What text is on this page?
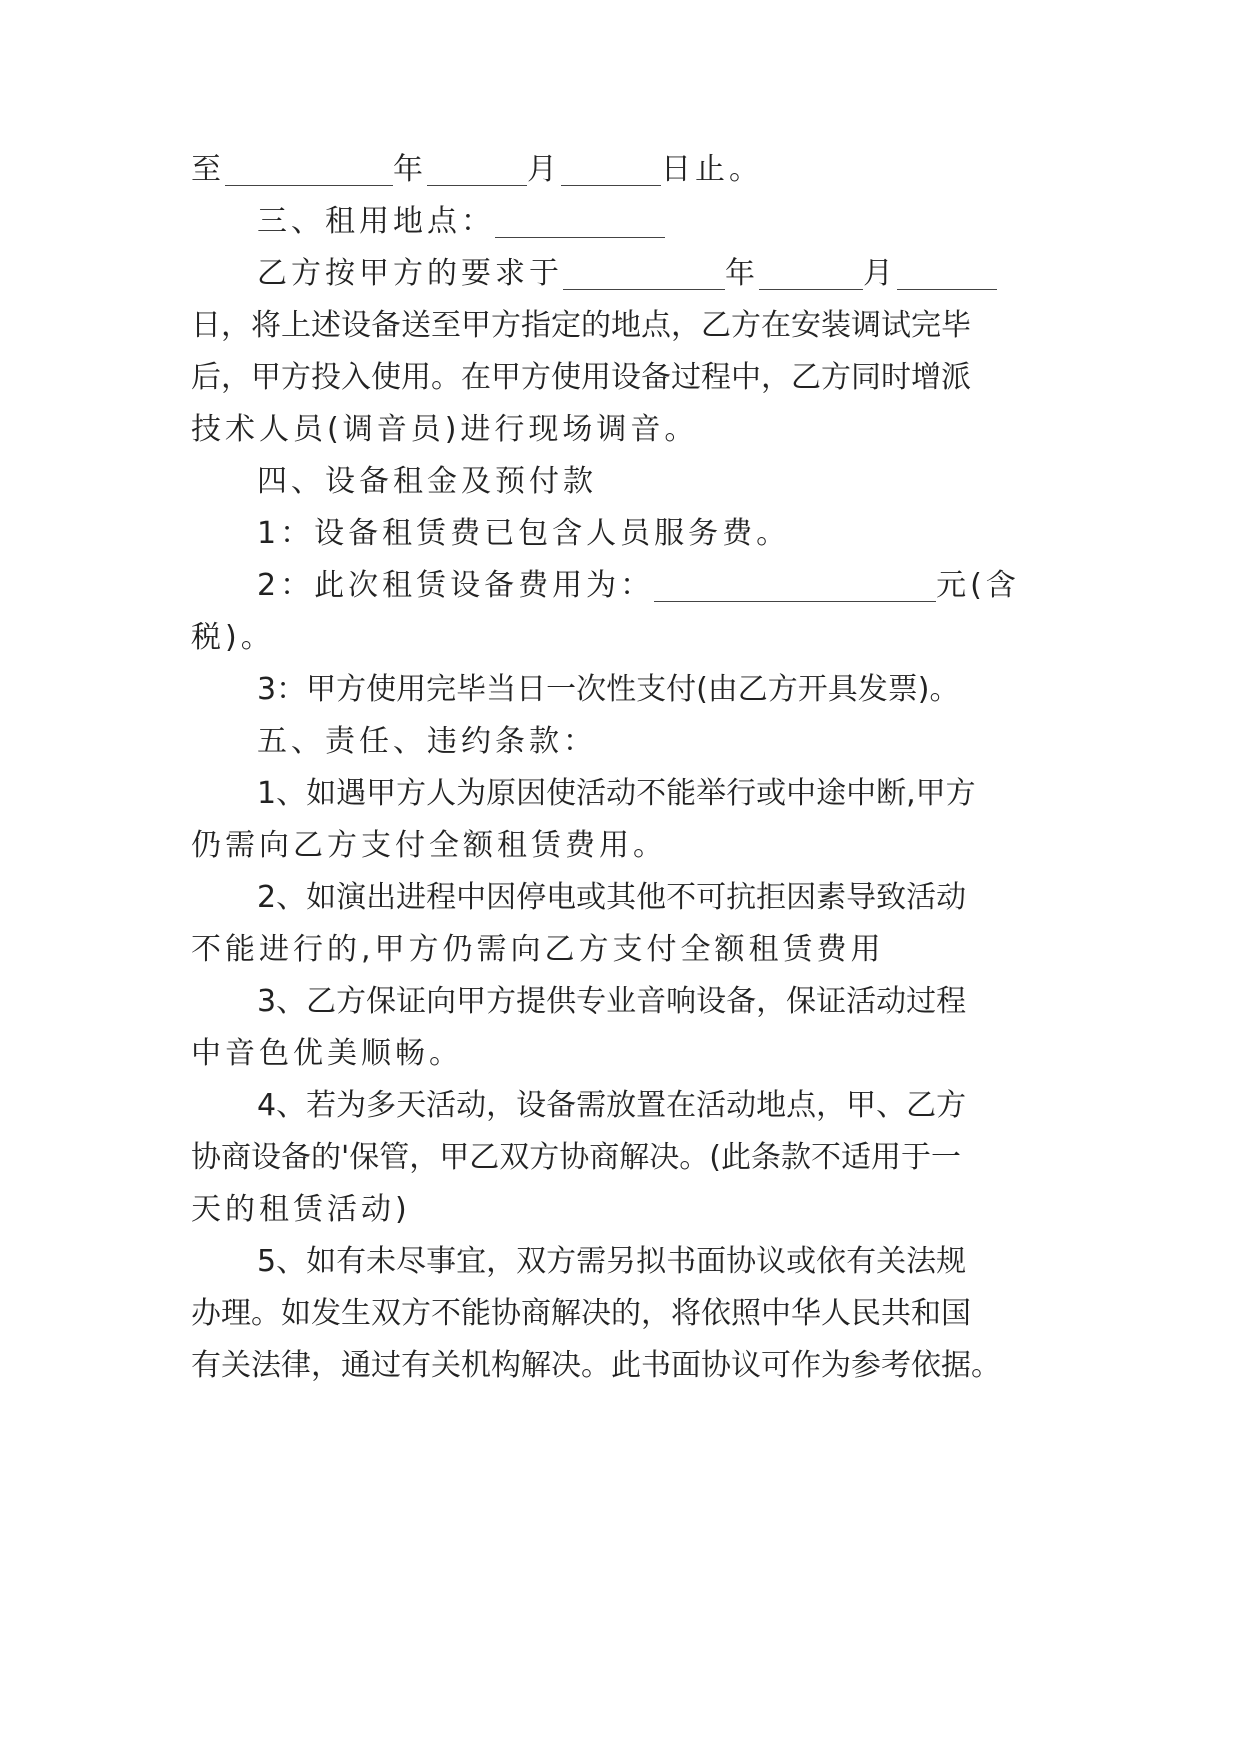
至	年	月	日止。
三、租用地点：
乙方按甲方的要求于	年	月
日，将上述设备送至甲方指定的地点，乙方在安装调试完毕
后，甲方投入使用。在甲方使用设备过程中，乙方同时增派
技术人员(调音员)进行现场调音。
四、设备租金及预付款
1：设备租赁费已包含人员服务费。
2：此次租赁设备费用为：	元(含
税)。
3：甲方使用完毕当日一次性支付(由乙方开具发票)。
五、责任、违约条款：
1、如遇甲方人为原因使活动不能举行或中途中断,甲方
仍需向乙方支付全额租赁费用。
2、如演出进程中因停电或其他不可抗拒因素导致活动
不能进行的,甲方仍需向乙方支付全额租赁费用
3、乙方保证向甲方提供专业音响设备，保证活动过程
中音色优美顺畅。
4、若为多天活动，设备需放置在活动地点，甲、乙方
协商设备的'保管，甲乙双方协商解决。(此条款不适用于一
天的租赁活动)
5、如有未尽事宜，双方需另拟书面协议或依有关法规
办理。如发生双方不能协商解决的，将依照中华人民共和国
有关法律，通过有关机构解决。此书面协议可作为参考依据。
